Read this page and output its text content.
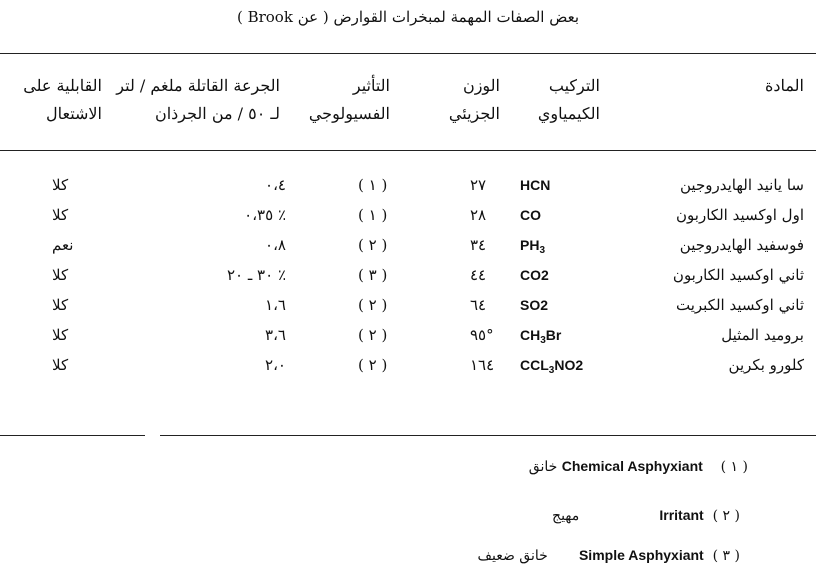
بعض الصفات المهمة لمبخرات القوارض ( عن Brook )
المادة
التركيب
الكيمياوي
الوزن
الجزيئي
التأثير
الفسيولوجي
الجرعة القاتلة ملغم / لتر
لـ ٥٠ / من الجرذان
القابلية على
الاشتعال
سا يانيد الهايدروجين
HCN
٢٧
( ١ )
٠،٤
كلا
اول اوكسيد الكاربون
CO
٢٨
( ١ )
٪ ٠،٣٥
كلا
فوسفيد الهايدروجين
$PH_3$
٣٤
( ٢ )
٠،٨
نعم
ثاني اوكسيد الكاربون
CO2
٤٤
( ٣ )
٪ ٣٠ ـ ٢٠
كلا
ثاني اوكسيد الكبريت
SO2
٦٤
( ٢ )
١،٦
كلا
بروميد المثيل
$CH_3Br$
°٩٥
( ٢ )
٣،٦
كلا
كلورو بكرين
$CCL_3NO2$
١٦٤
( ٢ )
٢،٠
كلا
خانق Chemical Asphyxiant ( ١ )
مهيج	Irritant ( ٢ )
خانق ضعيف Simple Asphyxiant ( ٣ )
